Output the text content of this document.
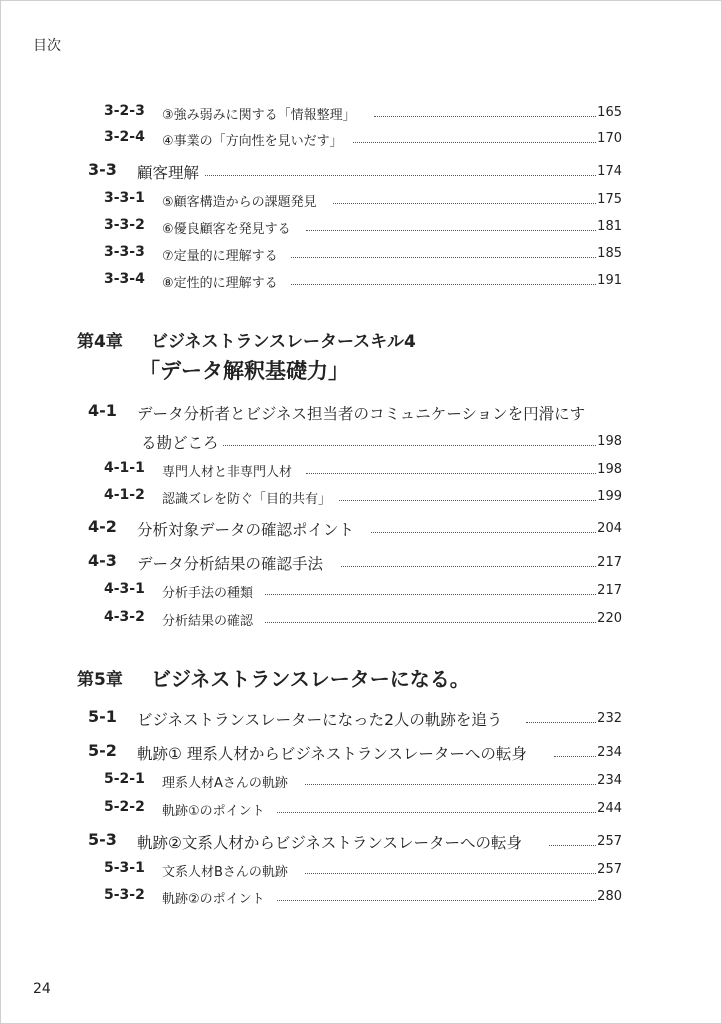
目次
3-2-3 ③強み弱みに関する「情報整理」	165
3-2-4 ④事業の「方向性を見いだす」	170
3-3 顧客理解	174
3-3-1 ⑤顧客構造からの課題発見	175
3-3-2 ⑥優良顧客を発見する	181
3-3-3 ⑦定量的に理解する	185
3-3-4 ⑧定性的に理解する	191
第4章 ビジネストランスレータースキル4
「データ解釈基礎力」
4-1 データ分析者とビジネス担当者のコミュニケーションを円滑にす
る勘どころ	198
4-1-1 専門人材と非専門人材	198
4-1-2 認識ズレを防ぐ「目的共有」	199
4-2 分析対象データの確認ポイント	204
4-3 データ分析結果の確認手法	217
4-3-1 分析手法の種類	217
4-3-2 分析結果の確認	220
第5章 ビジネストランスレーターになる。
5-1 ビジネストランスレーターになった2人の軌跡を追う	232
5-2 軌跡① 理系人材からビジネストランスレーターへの転身	234
5-2-1 理系人材Aさんの軌跡	234
5-2-2 軌跡①のポイント	244
5-3 軌跡②文系人材からビジネストランスレーターへの転身	257
5-3-1 文系人材Bさんの軌跡	257
5-3-2 軌跡②のポイント	280
24
